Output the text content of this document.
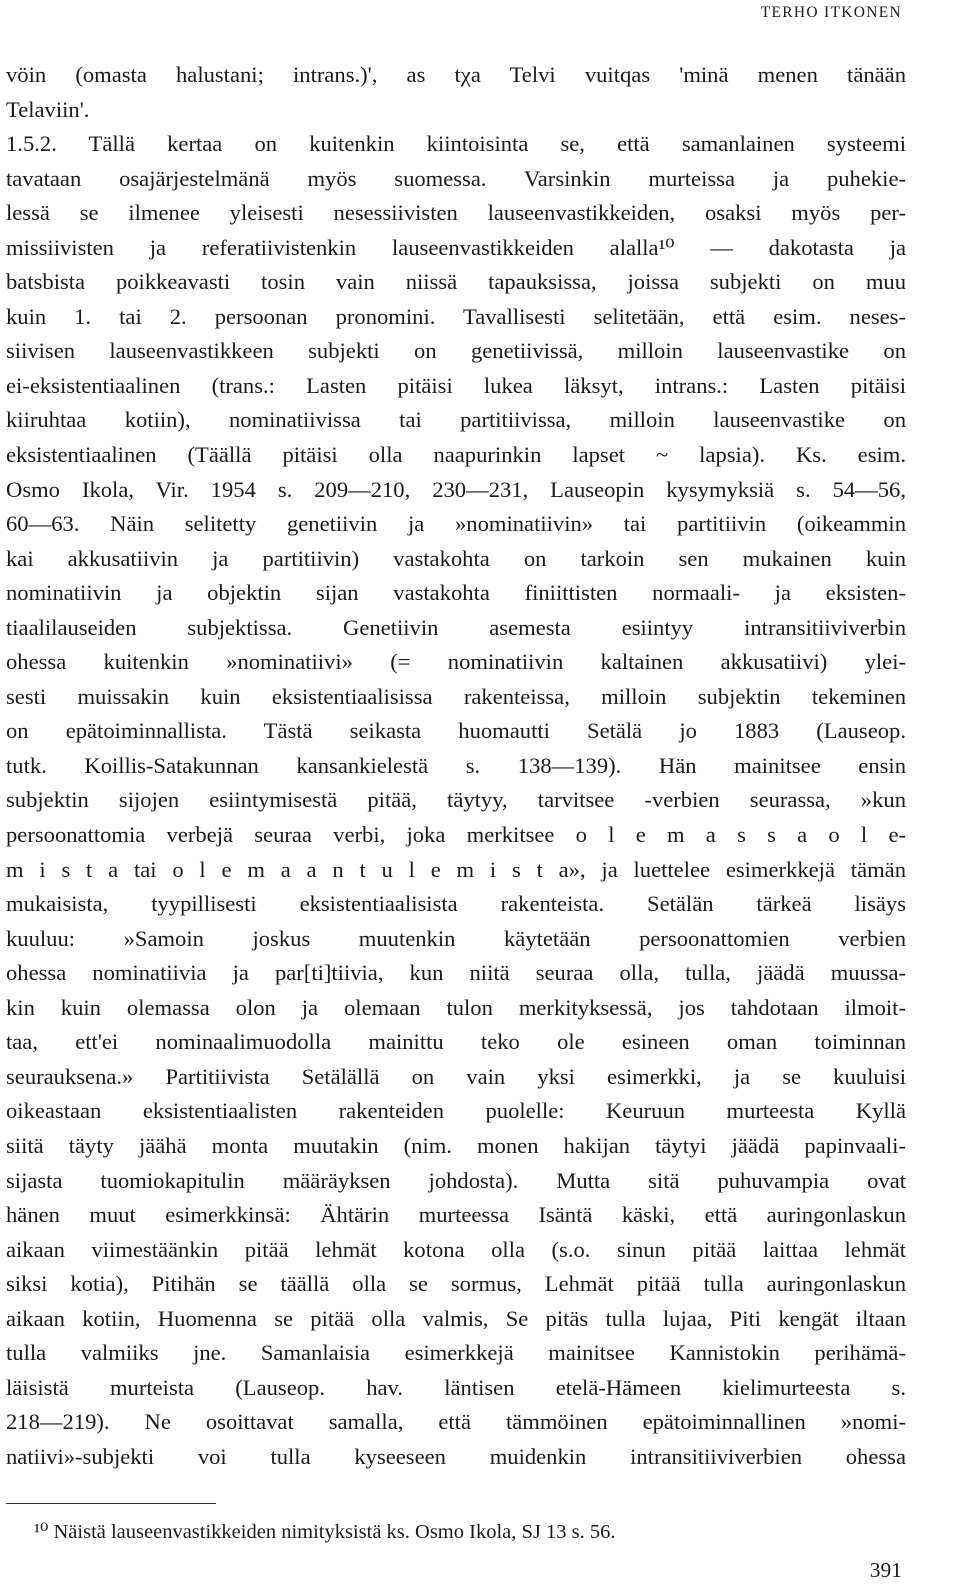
TERHO ITKONEN
vöin (omasta halustani; intrans.)', as tχa Telvi vuitqas 'minä menen tänään
Telaviin'.
1.5.2. Tällä kertaa on kuitenkin kiintoisinta se, että samanlainen systeemi
tavataan osajärjestelmänä myös suomessa. Varsinkin murteissa ja puhekie-
lessä se ilmenee yleisesti nesessiivisten lauseenvastikkeiden, osaksi myös per-
missiivisten ja referatiivistenkin lauseenvastikkeiden alalla¹⁰ — dakotasta ja
batsbista poikkeavasti tosin vain niissä tapauksissa, joissa subjekti on muu
kuin 1. tai 2. persoonan pronomini. Tavallisesti selitetään, että esim. neses-
siivisen lauseenvastikkeen subjekti on genetiivissä, milloin lauseenvastike on
ei-eksistentiaalinen (trans.: Lasten pitäisi lukea läksyt, intrans.: Lasten pitäisi
kiiruhtaa kotiin), nominatiivissa tai partitiivissa, milloin lauseenvastike on
eksistentiaalinen (Täällä pitäisi olla naapurinkin lapset ~ lapsia). Ks. esim.
Osmo Ikola, Vir. 1954 s. 209—210, 230—231, Lauseopin kysymyksiä s. 54—56,
60—63. Näin selitetty genetiivin ja »nominatiivin» tai partitiivin (oikeammin
kai akkusatiivin ja partitiivin) vastakohta on tarkoin sen mukainen kuin
nominatiivin ja objektin sijan vastakohta finiittisten normaali- ja eksisten-
tiaalilauseiden subjektissa. Genetiivin asemesta esiintyy intransitiiviverbin
ohessa kuitenkin »nominatiivi» (= nominatiivin kaltainen akkusatiivi) ylei-
sesti muissakin kuin eksistentiaalisissa rakenteissa, milloin subjektin tekeminen
on epätoiminnallista. Tästä seikasta huomautti Setälä jo 1883 (Lauseop.
tutk. Koillis-Satakunnan kansankielestä s. 138—139). Hän mainitsee ensin
subjektin sijojen esiintymisestä pitää, täytyy, tarvitsee -verbien seurassa, »kun
persoonattomia verbejä seuraa verbi, joka merkitsee o l e m a s s a o l e-
m i s t a tai o l e m a a n t u l e m i s t a», ja luettelee esimerkkejä tämän
mukaisista, tyypillisesti eksistentiaalisista rakenteista. Setälän tärkeä lisäys
kuuluu: »Samoin joskus muutenkin käytetään persoonattomien verbien
ohessa nominatiivia ja par[ti]tiivia, kun niitä seuraa olla, tulla, jäädä muussa-
kin kuin olemassa olon ja olemaan tulon merkityksessä, jos tahdotaan ilmoit-
taa, ett'ei nominaalimuodolla mainittu teko ole esineen oman toiminnan
seurauksena.» Partitiivista Setälällä on vain yksi esimerkki, ja se kuuluisi
oikeastaan eksistentiaalisten rakenteiden puolelle: Keuruun murteesta Kyllä
siitä täyty jäähä monta muutakin (nim. monen hakijan täytyi jäädä papinvaali-
sijasta tuomiokapitulin määräyksen johdosta). Mutta sitä puhuvampia ovat
hänen muut esimerkkinsä: Ähtärin murteessa Isäntä käski, että auringonlaskun
aikaan viimestäänkin pitää lehmät kotona olla (s.o. sinun pitää laittaa lehmät
siksi kotia), Pitihän se täällä olla se sormus, Lehmät pitää tulla auringonlaskun
aikaan kotiin, Huomenna se pitää olla valmis, Se pitäs tulla lujaa, Piti kengät iltaan
tulla valmiiks jne. Samanlaisia esimerkkejä mainitsee Kannistokin perihämä-
läisistä murteista (Lauseop. hav. läntisen etelä-Hämeen kielimurteesta s.
218—219). Ne osoittavat samalla, että tämmöinen epätoiminnallinen »nomi-
natiivi»-subjekti voi tulla kyseeseen muidenkin intransitiiviverbien ohessa
¹⁰ Näistä lauseenvastikkeiden nimityksistä ks. Osmo Ikola, SJ 13 s. 56.
391
